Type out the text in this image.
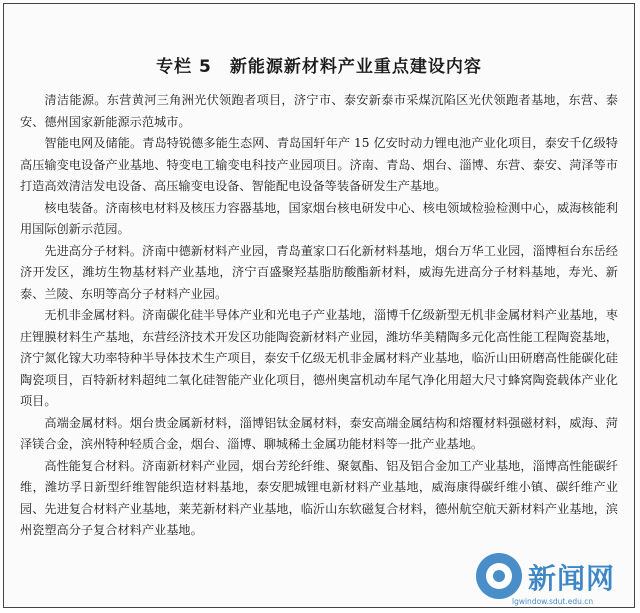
专栏 5 新能源新材料产业重点建设内容

清洁能源。东营黄河三角洲光伏领跑者项目，济宁市、泰安新泰市采煤沉陷区光伏领跑者基地，东营、泰安、德州国家新能源示范城市。

智能电网及储能。青岛特锐德多能生态网、青岛国轩年产 15 亿安时动力锂电池产业化项目，泰安千亿级特高压输变电设备产业基地、特变电工输变电科技产业园项目。济南、青岛、烟台、淄博、东营、泰安、菏泽等市打造高效清洁发电设备、高压输变电设备、智能配电设备等装备研发生产基地。

核电装备。济南核电材料及核压力容器基地，国家烟台核电研发中心、核电领域检验检测中心，威海核能利用国际创新示范园。

先进高分子材料。济南中德新材料产业园，青岛董家口石化新材料基地，烟台万华工业园，淄博桓台东岳经济开发区，潍坊生物基材料产业基地，济宁百盛聚羟基脂肪酸酯新材料，威海先进高分子材料基地，寿光、新泰、兰陵、东明等高分子材料产业园。

无机非金属材料。济南碳化硅半导体产业和光电子产业基地，淄博千亿级新型无机非金属材料产业基地，枣庄锂膜材料生产基地，东营经济技术开发区功能陶瓷新材料产业园，潍坊华美精陶多元化高性能工程陶瓷基地，济宁氮化镓大功率特种半导体技术生产项目，泰安千亿级无机非金属材料产业基地，临沂山田研磨高性能碳化硅陶瓷项目，百特新材料超纯二氧化硅智能产业化项目，德州奥富机动车尾气净化用超大尺寸蜂窝陶瓷载体产业化项目。

高端金属材料。烟台贵金属新材料，淄博铝钛金属材料，泰安高端金属结构和熔覆材料强磁材料，威海、菏泽镁合金，滨州特种轻质合金，烟台、淄博、聊城稀土金属功能材料等一批产业基地。

高性能复合材料。济南新材料产业园，烟台芳纶纤维、聚氨酯、铝及铝合金加工产业基地，淄博高性能碳纤维，潍坊孚日新型纤维智能织造材料基地，泰安肥城锂电新材料产业基地，威海康得碳纤维小镇、碳纤维产业园、先进复合材料产业基地，莱芜新材料产业基地，临沂山东软磁复合材料，德州航空航天新材料产业基地，滨州瓷塑高分子复合材料产业基地。

新闻网
lgwindow.sdut.edu.cn
